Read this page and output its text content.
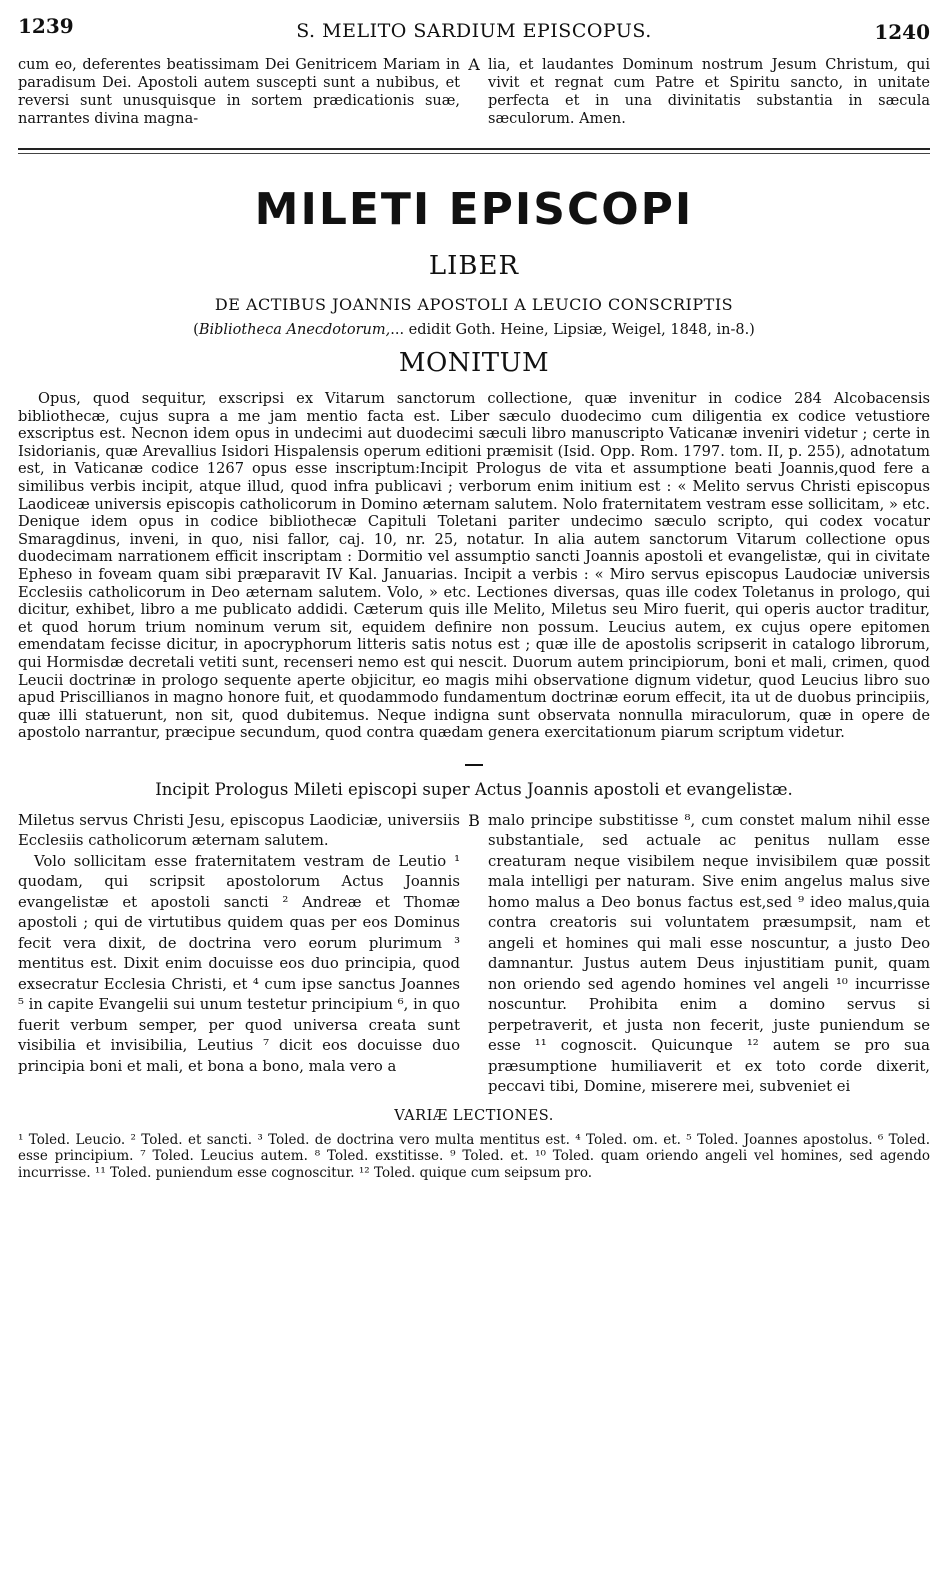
1239	S. MELITO SARDIUM EPISCOPUS.	1240
cum eo, deferentes beatissimam Dei Genitricem Mariam in paradisum Dei. Apostoli autem suscepti sunt a nubibus, et reversi sunt unusquisque in sortem prædicationis suæ, narrantes divina magna-
A lia, et laudantes Dominum nostrum Jesum Christum, qui vivit et regnat cum Patre et Spiritu sancto, in unitate perfecta et in una divinitatis substantia in sæcula sæculorum. Amen.
MILETI EPISCOPI
LIBER
DE ACTIBUS JOANNIS APOSTOLI A LEUCIO CONSCRIPTIS
(Bibliotheca Anecdotorum,... edidit Goth. Heine, Lipsiæ, Weigel, 1848, in-8.)
MONITUM
Opus, quod sequitur, exscripsi ex Vitarum sanctorum collectione, quæ invenitur in codice 284 Alcobacensis bibliothecæ, cujus supra a me jam mentio facta est. Liber sæculo duodecimo cum diligentia ex codice vetustiore exscriptus est. Necnon idem opus in undecimi aut duodecimi sæculi libro manuscripto Vaticanæ inveniri videtur ; certe in Isidorianis, quæ Arevallius Isidori Hispalensis operum editioni præmisit (Isid. Opp. Rom. 1797. tom. II, p. 255), adnotatum est, in Vaticanæ codice 1267 opus esse inscriptum:Incipit Prologus de vita et assumptione beati Joannis,quod fere a similibus verbis incipit, atque illud, quod infra publicavi ; verborum enim initium est : « Melito servus Christi episcopus Laodiceæ universis episcopis catholicorum in Domino æternam salutem. Nolo fraternitatem vestram esse sollicitam, » etc. Denique idem opus in codice bibliothecæ Capituli Toletani pariter undecimo sæculo scripto, qui codex vocatur Smaragdinus, inveni, in quo, nisi fallor, caj. 10, nr. 25, notatur. In alia autem sanctorum Vitarum collectione opus duodecimam narrationem efficit inscriptam : Dormitio vel assumptio sancti Joannis apostoli et evangelistæ, qui in civitate Epheso in foveam quam sibi præparavit IV Kal. Januarias. Incipit a verbis : « Miro servus episcopus Laudociæ universis Ecclesiis catholicorum in Deo æternam salutem. Volo, » etc. Lectiones diversas, quas ille codex Toletanus in prologo, qui dicitur, exhibet, libro a me publicato addidi. Cæterum quis ille Melito, Miletus seu Miro fuerit, qui operis auctor traditur, et quod horum trium nominum verum sit, equidem definire non possum. Leucius autem, ex cujus opere epitomen emendatam fecisse dicitur, in apocryphorum litteris satis notus est ; quæ ille de apostolis scripserit in catalogo librorum, qui Hormisdæ decretali vetiti sunt, recenseri nemo est qui nescit. Duorum autem principiorum, boni et mali, crimen, quod Leucii doctrinæ in prologo sequente aperte objicitur, eo magis mihi observatione dignum videtur, quod Leucius libro suo apud Priscillianos in magno honore fuit, et quodammodo fundamentum doctrinæ eorum effecit, ita ut de duobus principiis, quæ illi statuerunt, non sit, quod dubitemus. Neque indigna sunt observata nonnulla miraculorum, quæ in opere de apostolo narrantur, præcipue secundum, quod contra quædam genera exercitationum piarum scriptum videtur.
Incipit Prologus Mileti episcopi super Actus Joannis apostoli et evangelistæ.

Miletus servus Christi Jesu, episcopus Laodiciæ, universiis Ecclesiis catholicorum æternam salutem.

Volo sollicitam esse fraternitatem vestram de Leutio ¹ quodam, qui scripsit apostolorum Actus Joannis evangelistæ et apostoli sancti ² Andreæ et Thomæ apostoli ; qui de virtutibus quidem quas per eos Dominus fecit vera dixit, de doctrina vero eorum plurimum ³ mentitus est. Dixit enim docuisse eos duo principia, quod exsecratur Ecclesia Christi, et ⁴ cum ipse sanctus Joannes ⁵ in capite Evangelii sui unum testetur principium ⁶, in quo fuerit verbum semper, per quod universa creata sunt visibilia et invisibilia, Leutius ⁷ dicit eos docuisse duo principia boni et mali, et bona a bono, mala vero a

B malo principe substitisse ⁸, cum constet malum nihil esse substantiale, sed actuale ac penitus nullam esse creaturam neque visibilem neque invisibilem quæ possit mala intelligi per naturam. Sive enim angelus malus sive homo malus a Deo bonus factus est,sed ⁹ ideo malus,quia contra creatoris sui voluntatem præsumpsit, nam et angeli et homines qui mali esse noscuntur, a justo Deo damnantur. Justus autem Deus injustitiam punit, quam non oriendo sed agendo homines vel angeli ¹⁰ incurrisse noscuntur. Prohibita enim a domino servus si perpetraverit, et justa non fecerit, juste puniendum se esse ¹¹ cognoscit. Quicunque ¹² autem se pro sua præsumptione humiliaverit et ex toto corde dixerit, peccavi tibi, Domine, miserere mei, subveniet ei

VARIÆ LECTIONES.
¹ Toled. Leucio. ² Toled. et sancti. ³ Toled. de doctrina vero multa mentitus est. ⁴ Toled. om. et. ⁵ Toled. Joannes apostolus. ⁶ Toled. esse principium. ⁷ Toled. Leucius autem. ⁸ Toled. exstitisse. ⁹ Toled. et. ¹⁰ Toled. quam oriendo angeli vel homines, sed agendo incurrisse. ¹¹ Toled. puniendum esse cognoscitur. ¹² Toled. quique cum seipsum pro.
